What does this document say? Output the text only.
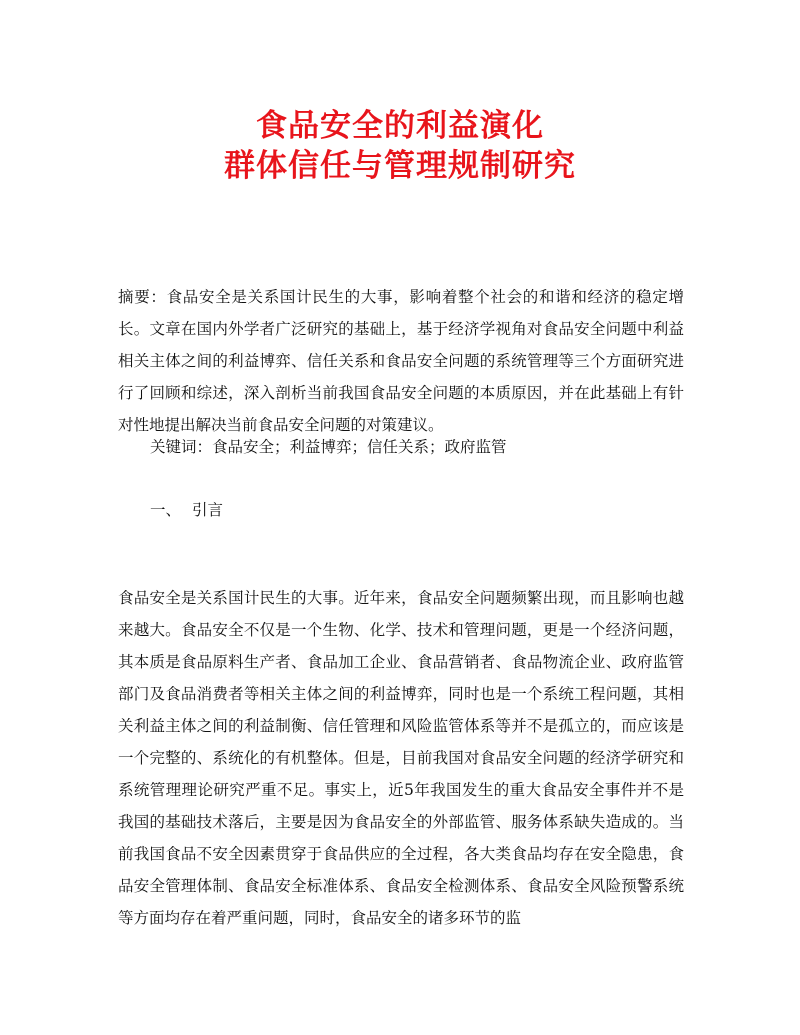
食品安全的利益演化
群体信任与管理规制研究

摘要：食品安全是关系国计民生的大事，影响着整个社会的和谐和经济的稳定增长。文章在国内外学者广泛研究的基础上，基于经济学视角对食品安全问题中利益相关主体之间的利益博弈、信任关系和食品安全问题的系统管理等三个方面研究进行了回顾和综述，深入剖析当前我国食品安全问题的本质原因，并在此基础上有针对性地提出解决当前食品安全问题的对策建议。

关键词：食品安全；利益博弈；信任关系；政府监管
一、 引言

食品安全是关系国计民生的大事。近年来，食品安全问题频繁出现，而且影响也越来越大。食品安全不仅是一个生物、化学、技术和管理问题，更是一个经济问题，其本质是食品原料生产者、食品加工企业、食品营销者、食品物流企业、政府监管部门及食品消费者等相关主体之间的利益博弈，同时也是一个系统工程问题，其相关利益主体之间的利益制衡、信任管理和风险监管体系等并不是孤立的，而应该是一个完整的、系统化的有机整体。但是，目前我国对食品安全问题的经济学研究和系统管理理论研究严重不足。事实上，近5年我国发生的重大食品安全事件并不是我国的基础技术落后，主要是因为食品安全的外部监管、服务体系缺失造成的。当前我国食品不安全因素贯穿于食品供应的全过程，各大类食品均存在安全隐患，食品安全管理体制、食品安全标准体系、食品安全检测体系、食品安全风险预警系统等方面均存在着严重问题，同时，食品安全的诸多环节的监
